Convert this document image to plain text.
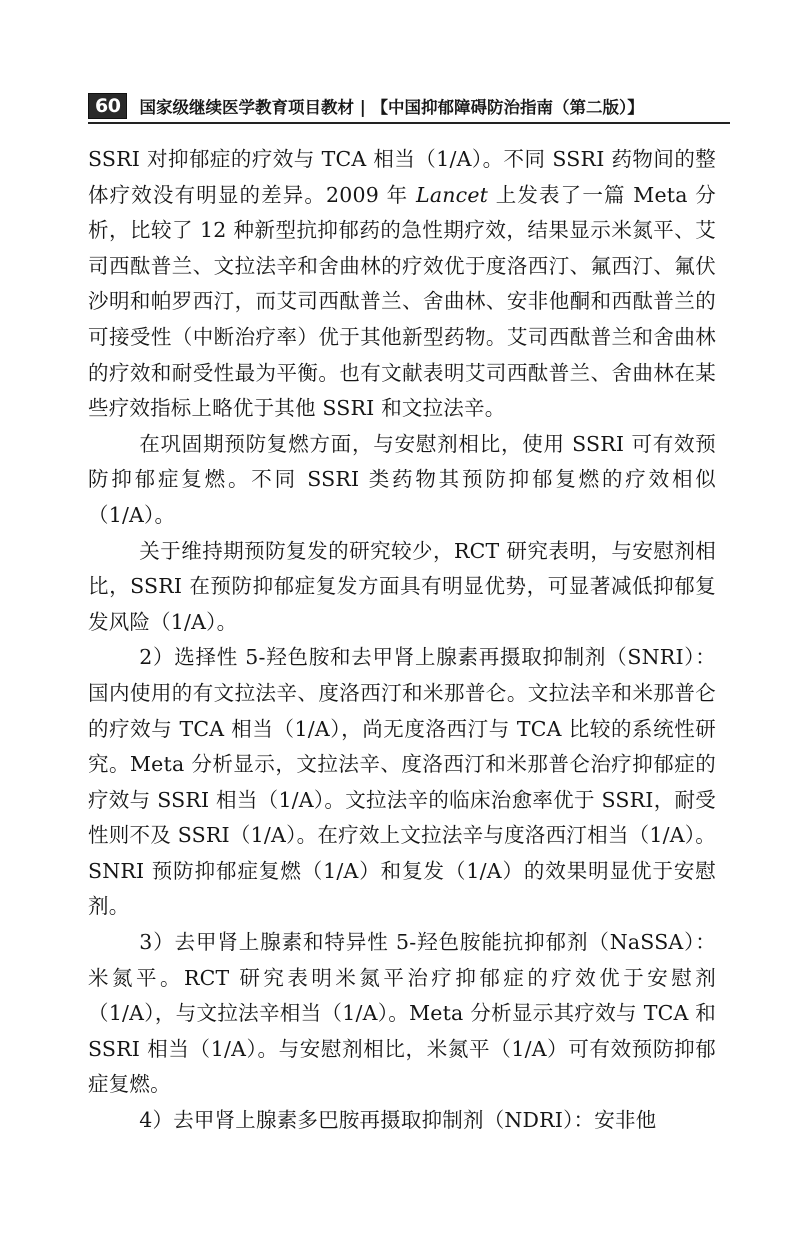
60	国家级继续医学教育项目教材 | 【中国抑郁障碍防治指南（第二版）】

SSRI 对抑郁症的疗效与 TCA 相当（1/A）。不同 SSRI 药物间的整体疗效没有明显的差异。2009 年 Lancet 上发表了一篇 Meta 分析，比较了 12 种新型抗抑郁药的急性期疗效，结果显示米氮平、艾司西酞普兰、文拉法辛和舍曲林的疗效优于度洛西汀、氟西汀、氟伏沙明和帕罗西汀，而艾司西酞普兰、舍曲林、安非他酮和西酞普兰的可接受性（中断治疗率）优于其他新型药物。艾司西酞普兰和舍曲林的疗效和耐受性最为平衡。也有文献表明艾司西酞普兰、舍曲林在某些疗效指标上略优于其他 SSRI 和文拉法辛。

在巩固期预防复燃方面，与安慰剂相比，使用 SSRI 可有效预防抑郁症复燃。不同 SSRI 类药物其预防抑郁复燃的疗效相似（1/A）。

关于维持期预防复发的研究较少，RCT 研究表明，与安慰剂相比，SSRI 在预防抑郁症复发方面具有明显优势，可显著减低抑郁复发风险（1/A）。

2）选择性 5-羟色胺和去甲肾上腺素再摄取抑制剂（SNRI）：国内使用的有文拉法辛、度洛西汀和米那普仑。文拉法辛和米那普仑的疗效与 TCA 相当（1/A），尚无度洛西汀与 TCA 比较的系统性研究。Meta 分析显示，文拉法辛、度洛西汀和米那普仑治疗抑郁症的疗效与 SSRI 相当（1/A）。文拉法辛的临床治愈率优于 SSRI，耐受性则不及 SSRI（1/A）。在疗效上文拉法辛与度洛西汀相当（1/A）。SNRI 预防抑郁症复燃（1/A）和复发（1/A）的效果明显优于安慰剂。

3）去甲肾上腺素和特异性 5-羟色胺能抗抑郁剂（NaSSA）：米氮平。RCT 研究表明米氮平治疗抑郁症的疗效优于安慰剂（1/A），与文拉法辛相当（1/A）。Meta 分析显示其疗效与 TCA 和 SSRI 相当（1/A）。与安慰剂相比，米氮平（1/A）可有效预防抑郁症复燃。

4）去甲肾上腺素多巴胺再摄取抑制剂（NDRI）：安非他
